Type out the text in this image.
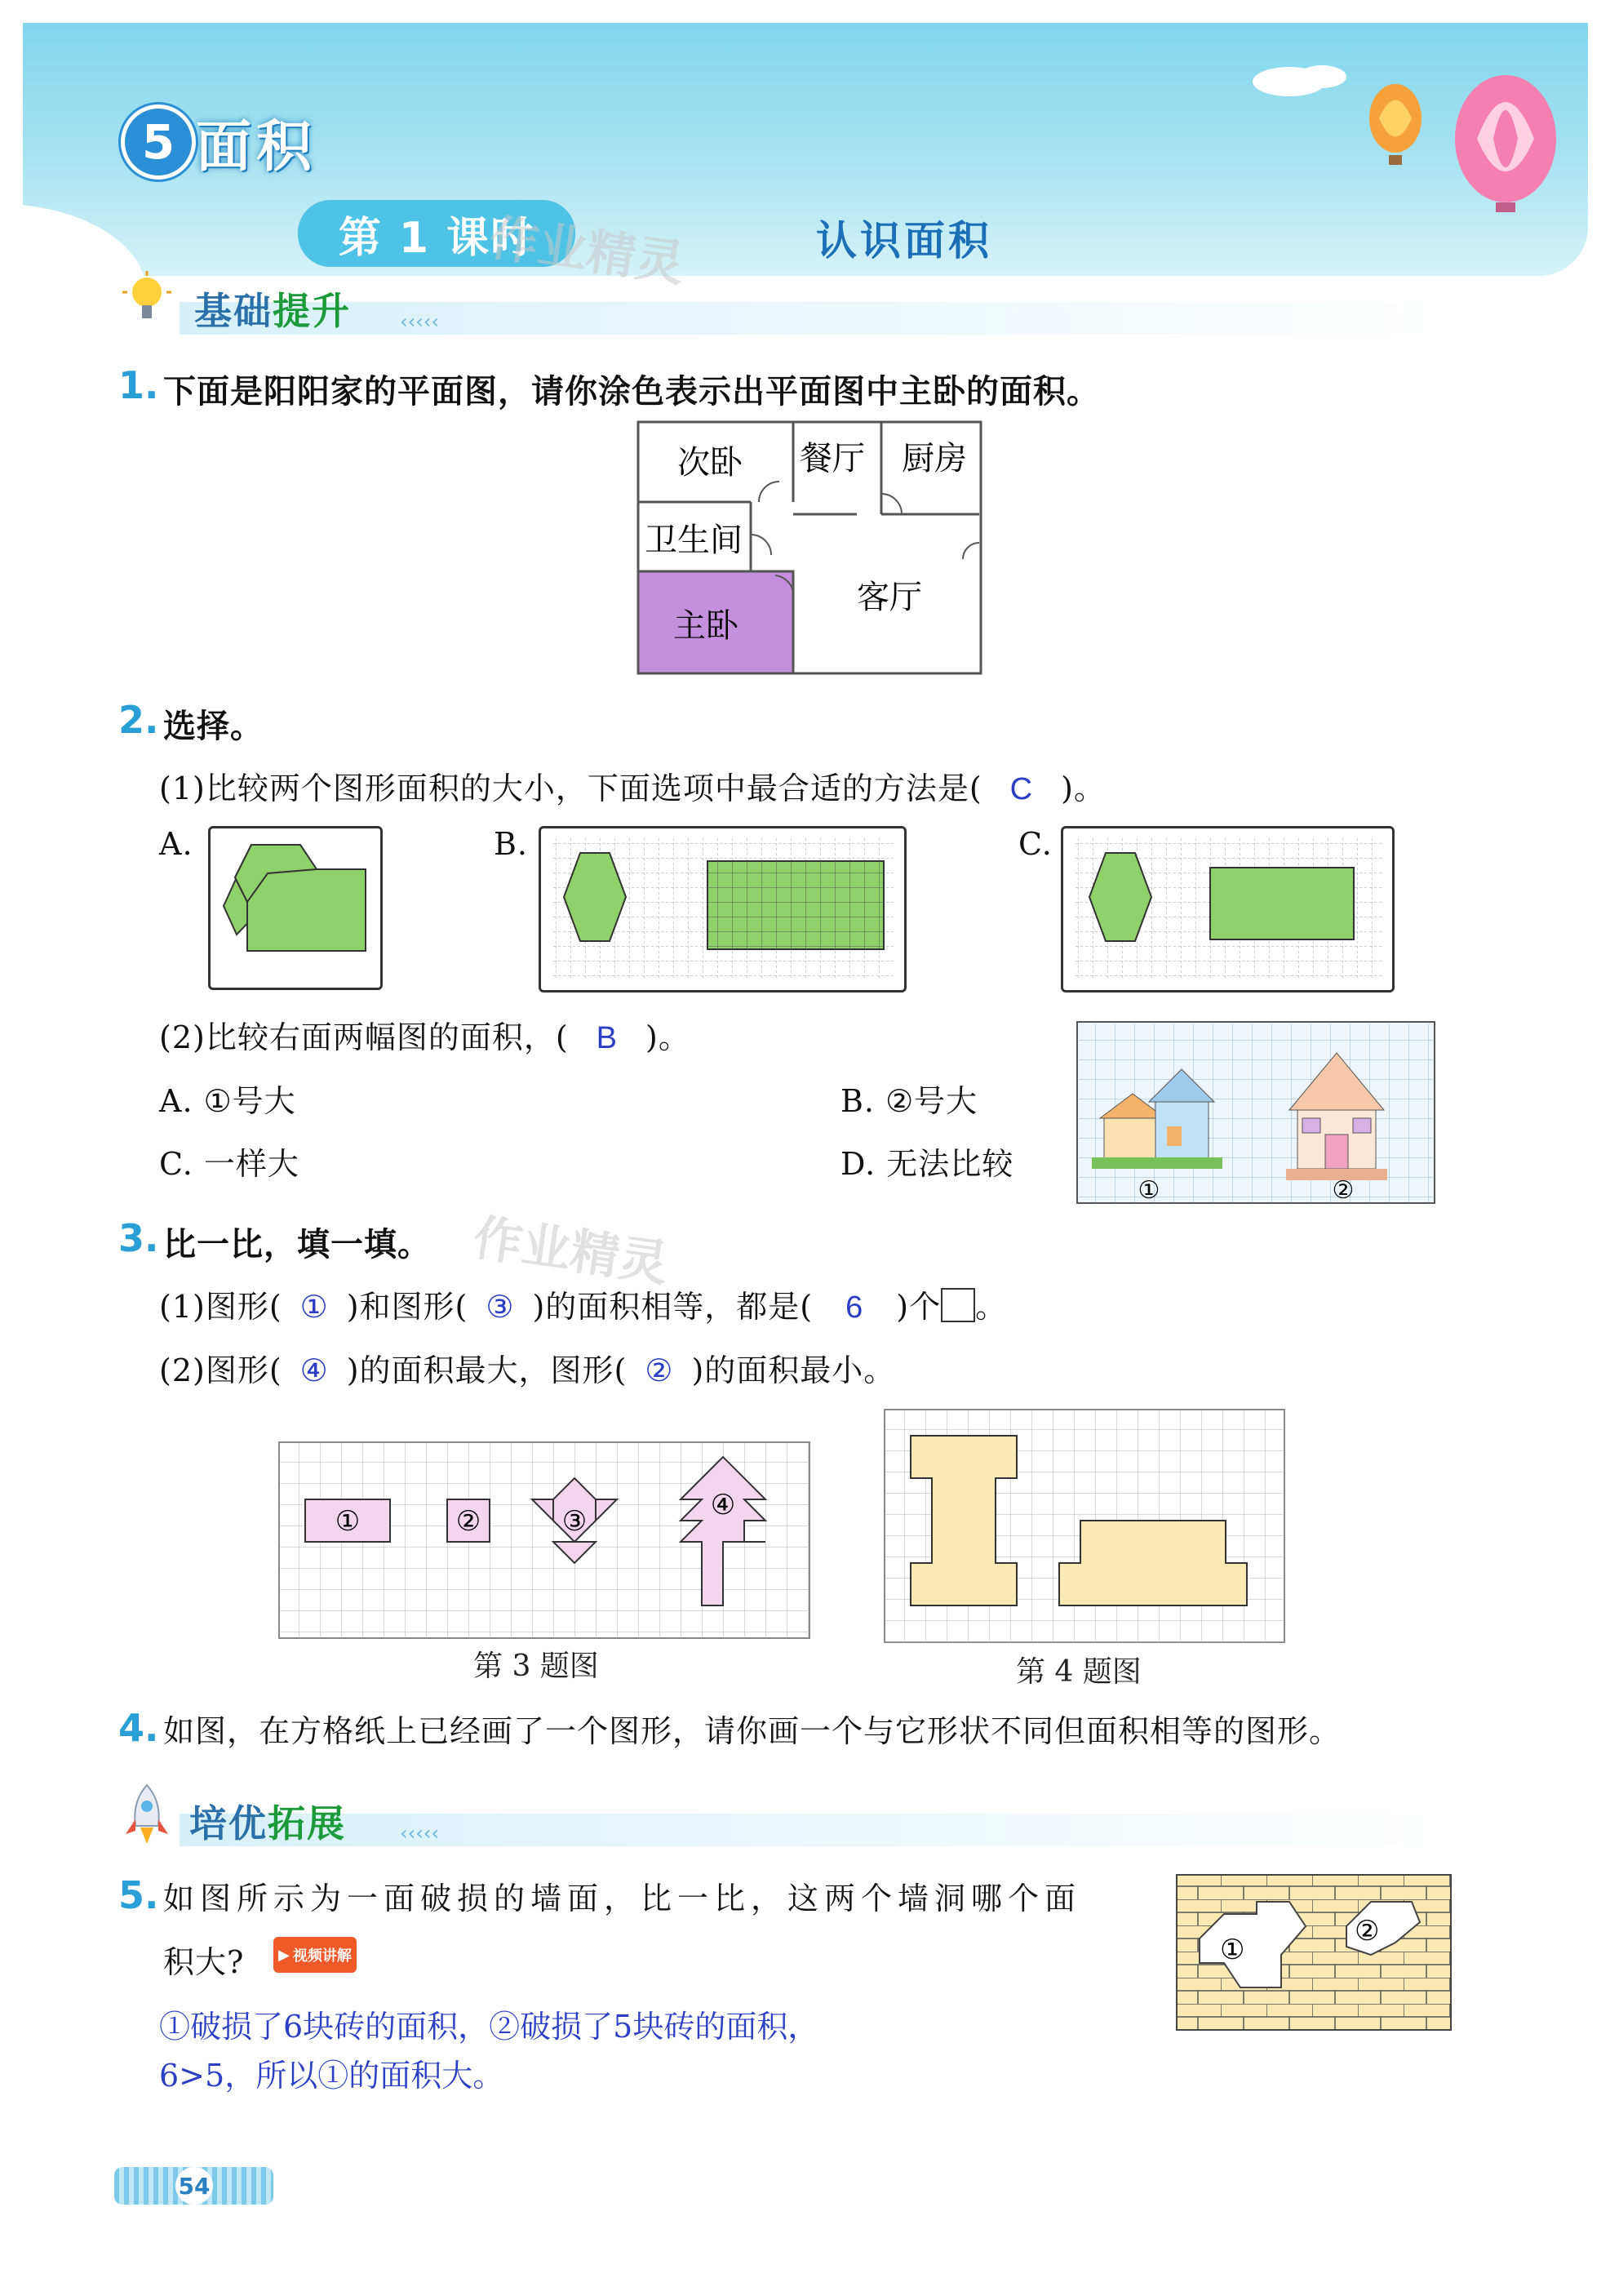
5 面积
第 1 课时	认识面积
作业精灵
基础提升	‹‹‹‹‹
1. 下面是阳阳家的平面图，请你涂色表示出平面图中主卧的面积。
次卧 餐厅 厨房
卫生间
主卧
客厅
2. 选择。
(1)比较两个图形面积的大小，下面选项中最合适的方法是( C )。
A.	B.	C.
(2)比较右面两幅图的面积，( B )。
A. ①号大	B. ②号大
C. 一样大	D. 无法比较
①	②
3. 比一比，填一填。 作业精灵
(1)图形( ① )和图形( ③ )的面积相等，都是( 6 )个 。
(2)图形( ④ )的面积最大，图形( ② )的面积最小。
①	②	③	④
第 3 题图	第 4 题图
4. 如图，在方格纸上已经画了一个图形，请你画一个与它形状不同但面积相等的图形。
培优拓展	‹‹‹‹‹
5. 如图所示为一面破损的墙面，比一比，这两个墙洞哪个面
积大? ▶ 视频讲解
①破损了6块砖的面积，②破损了5块砖的面积，
6>5，所以①的面积大。
①
②
54
